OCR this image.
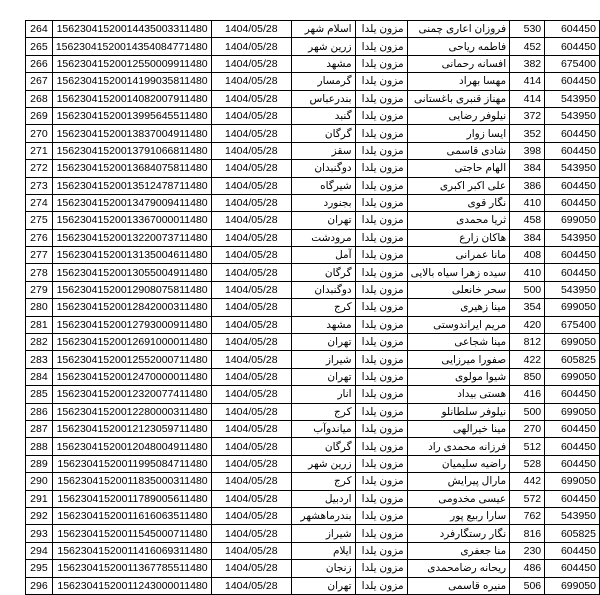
264	15623041520014435003311480	1404/05/28	اسلام شهر	مزون یلدا	فروزان اعاری چمنی	530	604450
265	15623041520014354084771480	1404/05/28	زرین شهر	مزون یلدا	فاطمه ریاحی	452	604450
266	15623041520012550009911480	1404/05/28	مشهد	مزون یلدا	افسانه رحمانی	382	675400
267	15623041520014199035811480	1404/05/28	گرمسار	مزون یلدا	مهسا بهراد	414	604450
268	15623041520014082007911480	1404/05/28	بندرعباس	مزون یلدا	مهناز قنبری باغستانی	414	543950
269	15623041520013995645511480	1404/05/28	گنبد	مزون یلدا	نیلوفر رضایی	372	543950
270	15623041520013837004911480	1404/05/28	گرگان	مزون یلدا	ایسا زوار	352	604450
271	15623041520013791066811480	1404/05/28	سقز	مزون یلدا	شادی قاسمی	398	604450
272	15623041520013684075811480	1404/05/28	دوگنبدان	مزون یلدا	الهام حاجتی	384	543950
273	15623041520013512478711480	1404/05/28	شیرگاه	مزون یلدا	علی اکبر اکبری	386	604450
274	15623041520013479009411480	1404/05/28	بجنورد	مزون یلدا	نگار قوی	410	604450
275	15623041520013367000011480	1404/05/28	تهران	مزون یلدا	ثریا محمدی	458	699050
276	15623041520013220073711480	1404/05/28	مرودشت	مزون یلدا	هاکان زارع	384	543950
277	15623041520013135004611480	1404/05/28	آمل	مزون یلدا	مانا عمرانی	408	604450
278	15623041520013055004911480	1404/05/28	گرگان	مزون یلدا	سیده زهرا سیاه بالایی	410	604450
279	15623041520012908075811480	1404/05/28	دوگنبدان	مزون یلدا	سحر خانعلی	500	543950
280	15623041520012842000311480	1404/05/28	کرج	مزون یلدا	مینا زهیری	354	699050
281	15623041520012793000911480	1404/05/28	مشهد	مزون یلدا	مریم ایراندوستی	420	675400
282	15623041520012691000011480	1404/05/28	تهران	مزون یلدا	مینا شجاعی	812	699050
283	15623041520012552000711480	1404/05/28	شیراز	مزون یلدا	صفورا میرزایی	422	605825
284	15623041520012470000011480	1404/05/28	تهران	مزون یلدا	شیوا مولوی	850	699050
285	15623041520012320077411480	1404/05/28	انار	مزون یلدا	هستی بیداد	416	604450
286	15623041520012280000311480	1404/05/28	کرج	مزون یلدا	نیلوفر سلطانلو	500	699050
287	15623041520012123059711480	1404/05/28	میاندوآب	مزون یلدا	مینا خیرالهی	270	604450
288	15623041520012048004911480	1404/05/28	گرگان	مزون یلدا	فرزانه محمدی راد	512	604450
289	15623041520011995084711480	1404/05/28	زرین شهر	مزون یلدا	راضیه سلیمیان	528	604450
290	15623041520011835000311480	1404/05/28	کرج	مزون یلدا	مارال پیرایش	442	699050
291	15623041520011789005611480	1404/05/28	اردبیل	مزون یلدا	عیسی مخدومی	572	604450
292	15623041520011616063511480	1404/05/28	بندرماهشهر	مزون یلدا	سارا ربیع پور	762	543950
293	15623041520011545000711480	1404/05/28	شیراز	مزون یلدا	نگار رستگارفرد	816	605825
294	15623041520011416069311480	1404/05/28	ایلام	مزون یلدا	منا جعفری	230	604450
295	15623041520011367785511480	1404/05/28	زنجان	مزون یلدا	ریحانه رضامحمدی	486	604450
296	15623041520011243000011480	1404/05/28	تهران	مزون یلدا	منیره قاسمی	506	699050
